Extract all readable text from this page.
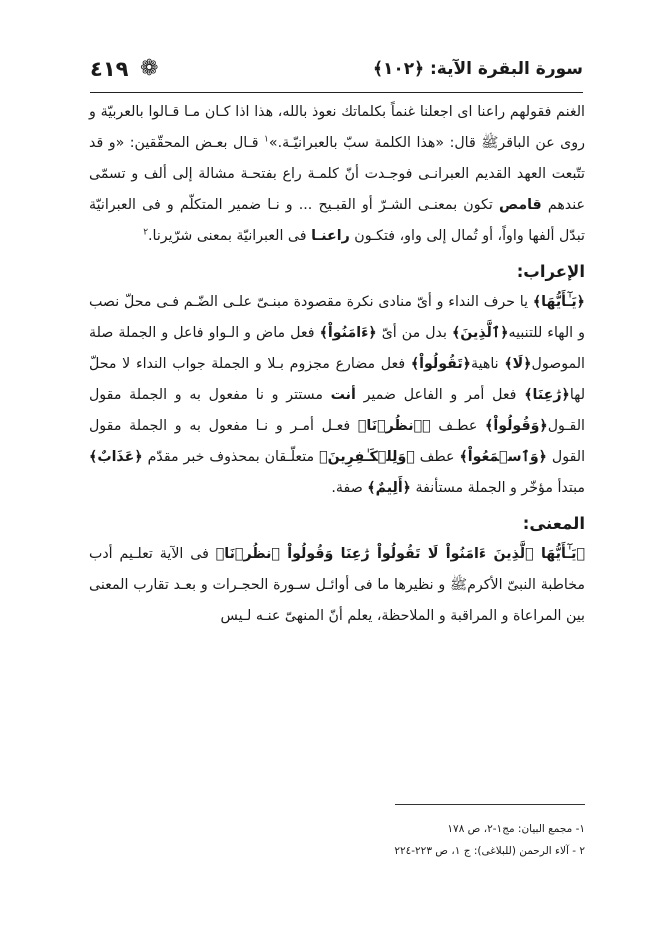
سورة البقرة الآية: ﴿١٠٢﴾
❁
٤١٩

الغنم فقولهم راعنا ای اجعلنا غنماً بکلماتك نعوذ بالله، هذا اذا کـان مـا قـالوا بالعربیّة و روی عن الباقرﷺ قال: «هذا الکلمة سبّ بالعبرانیّـة.»$^١$ قـال بعـض المحقّقین: «و قد تتّبعت العهد القدیم العبرانـی فوجـدت أنّ کلمـة راع بفتحـة مشالة إلی ألف و تسمّی عندهم قامص تکون بمعنـی الشـرّ أو القبـیح ... و نـا ضمیر المتکلّم و فی العبرانیّة تبدّل ألفها واواً، أو تُمال إلی واو، فتکـون راعنـا فی العبرانیّة بمعنی شرّیرنا.$^٢$

الإعراب:

﴿يَـٰٓأَيُّهَا﴾ یا حرف النداء و أیّ منادی نکرة مقصودة مبنـیّ علـی الضّـم فـی محلّ نصب و الهاء للتنبیه﴿ٱلَّذِينَ﴾ بدل من أیّ ﴿ءَامَنُواْ﴾ فعل ماض و الـواو فاعل و الجملة صلة الموصول﴿لَا﴾ ناهیة﴿تَقُولُواْ﴾ فعل مضارع مجزوم بـلا و الجملة جواب النداء لا محلّ لها﴿رَٰعِنَا﴾ فعل أمر و الفاعل ضمیر أنت مستتر و نا مفعول به و الجملة مقول القـول﴿وَقُولُواْ﴾ عطـف ﴿ٱنظُرۡنَا﴾ فعـل أمـر و نـا مفعول به و الجملة مقول القول ﴿وَٱسۡمَعُواْ﴾ عطف ﴿وَلِلۡكَـٰفِرِينَ﴾ متعلّـقان بمحذوف خبر مقدّم ﴿عَذَابٌ﴾ مبتدأ مؤخّر و الجملة مستأنفة ﴿أَلِيمٌ﴾ صفة.

المعنی:

﴿يَـٰٓأَيُّهَا ٱلَّذِينَ ءَامَنُواْ لَا تَقُولُواْ رَٰعِنَا وَقُولُواْ ٱنظُرۡنَا﴾ فی الآیة تعلـیم أدب مخاطبة النبیّ الأکرمﷺ و نظیرها ما فی أوائـل سـورة الحجـرات و بعـد تقارب المعنی بین المراعاة و المراقبة و الملاحظة، یعلم أنّ المنهیّ عنـه لـیس

١- مجمع البیان: مج١-٢، ص ١٧٨

٢ - آلاء الرحمن (للبلاغی): ج ١، ص ٢٢٣-٢٢٤
